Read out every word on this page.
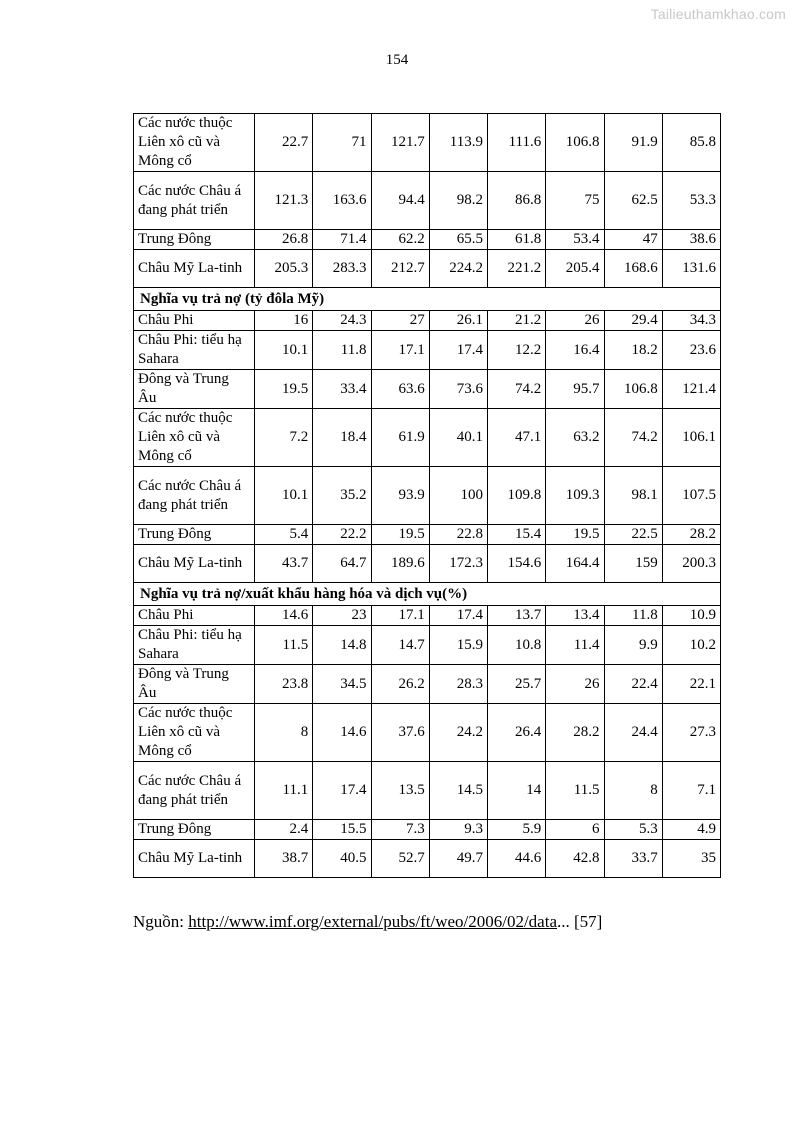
Tailieuthamkhao.com
154
Các nước thuộc Liên xô cũ và Mông cổ	22.7	71	121.7	113.9	111.6	106.8	91.9	85.8
Các nước Châu á đang phát triển	121.3	163.6	94.4	98.2	86.8	75	62.5	53.3
Trung Đông	26.8	71.4	62.2	65.5	61.8	53.4	47	38.6
Châu Mỹ La-tinh	205.3	283.3	212.7	224.2	221.2	205.4	168.6	131.6
Nghĩa vụ trả nợ (tỷ đôla Mỹ)								
Châu Phi	16	24.3	27	26.1	21.2	26	29.4	34.3
Châu Phi: tiểu hạ Sahara	10.1	11.8	17.1	17.4	12.2	16.4	18.2	23.6
Đông và Trung Âu	19.5	33.4	63.6	73.6	74.2	95.7	106.8	121.4
Các nước thuộc Liên xô cũ và Mông cổ	7.2	18.4	61.9	40.1	47.1	63.2	74.2	106.1
Các nước Châu á đang phát triển	10.1	35.2	93.9	100	109.8	109.3	98.1	107.5
Trung Đông	5.4	22.2	19.5	22.8	15.4	19.5	22.5	28.2
Châu Mỹ La-tinh	43.7	64.7	189.6	172.3	154.6	164.4	159	200.3
Nghĩa vụ trả nợ/xuất khẩu hàng hóa và dịch vụ(%)								
Châu Phi	14.6	23	17.1	17.4	13.7	13.4	11.8	10.9
Châu Phi: tiểu hạ Sahara	11.5	14.8	14.7	15.9	10.8	11.4	9.9	10.2
Đông và Trung Âu	23.8	34.5	26.2	28.3	25.7	26	22.4	22.1
Các nước thuộc Liên xô cũ và Mông cổ	8	14.6	37.6	24.2	26.4	28.2	24.4	27.3
Các nước Châu á đang phát triển	11.1	17.4	13.5	14.5	14	11.5	8	7.1
Trung Đông	2.4	15.5	7.3	9.3	5.9	6	5.3	4.9
Châu Mỹ La-tinh	38.7	40.5	52.7	49.7	44.6	42.8	33.7	35
Nguồn: http://www.imf.org/external/pubs/ft/weo/2006/02/data... [57]
